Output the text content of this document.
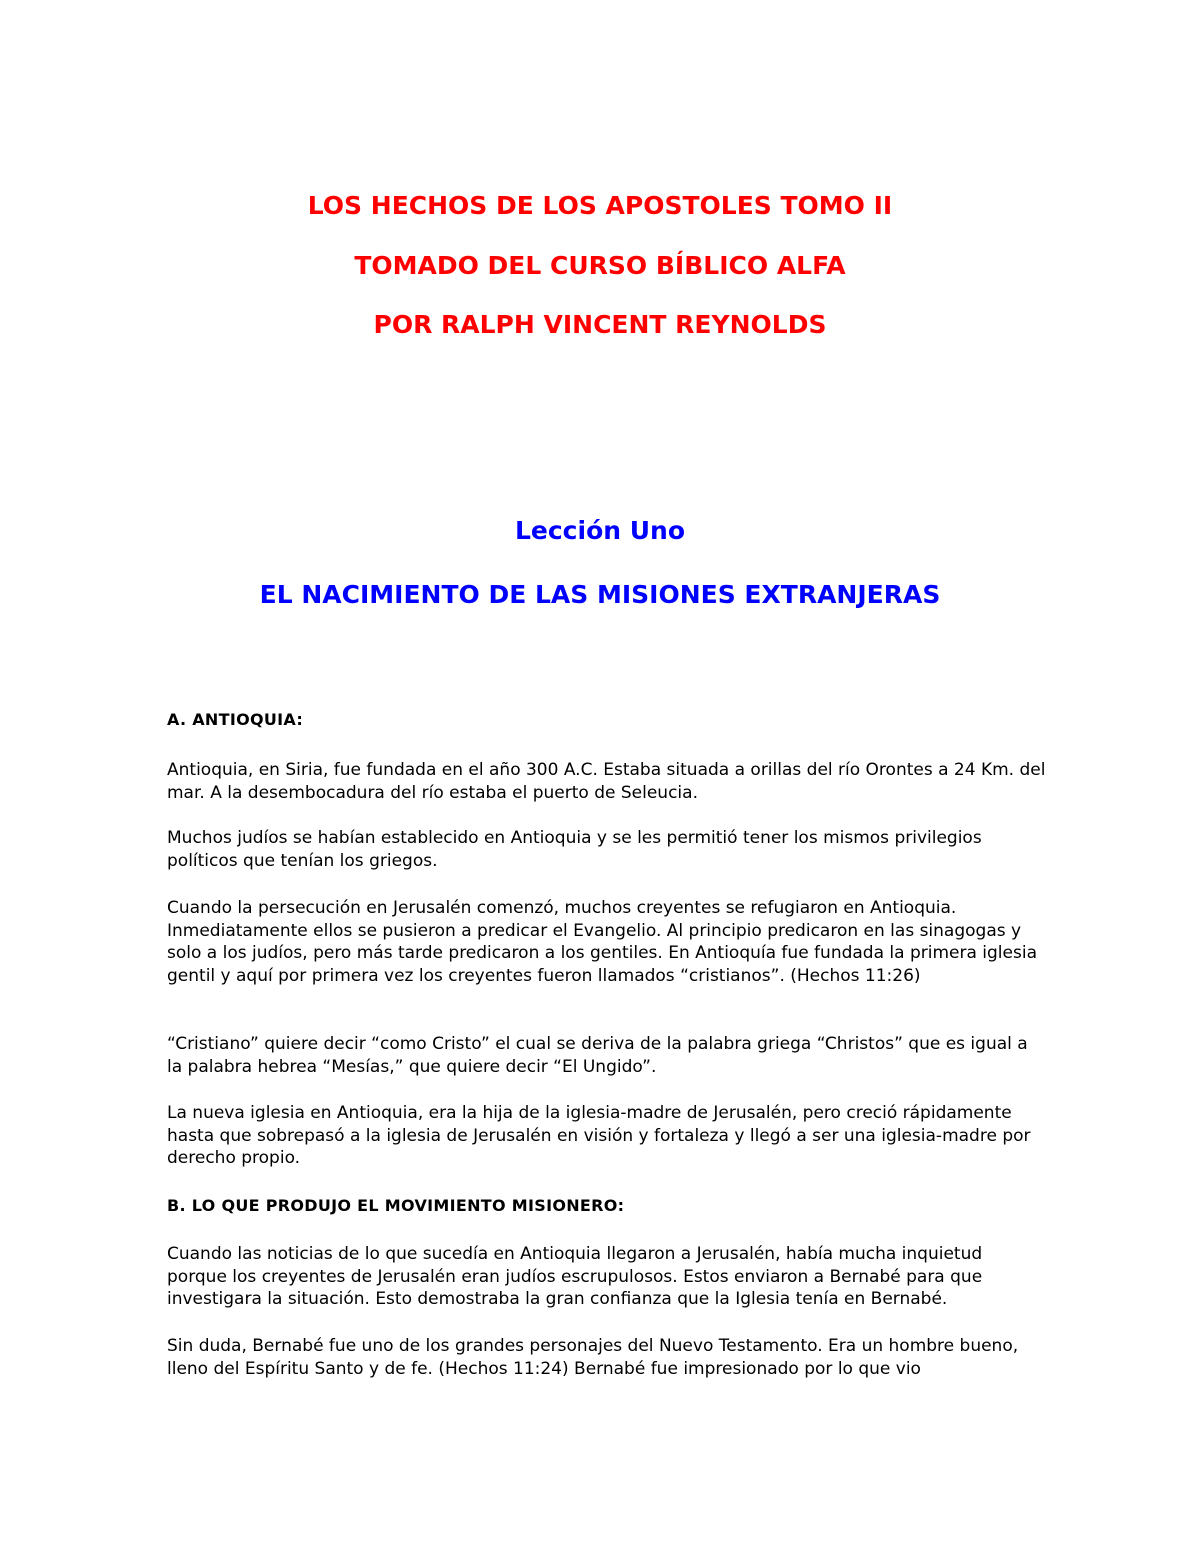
LOS HECHOS DE LOS APOSTOLES TOMO II
TOMADO DEL CURSO BÍBLICO ALFA
POR RALPH VINCENT REYNOLDS
Lección Uno
EL NACIMIENTO DE LAS MISIONES EXTRANJERAS
A. ANTIOQUIA:

Antioquia, en Siria, fue fundada en el año 300 A.C. Estaba situada a orillas del río Orontes a 24 Km. del mar. A la desembocadura del río estaba el puerto de Seleucia.

Muchos judíos se habían establecido en Antioquia y se les permitió tener los mismos privilegios políticos que tenían los griegos.

Cuando la persecución en Jerusalén comenzó, muchos creyentes se refugiaron en Antioquia. Inmediatamente ellos se pusieron a predicar el Evangelio. Al principio predicaron en las sinagogas y solo a los judíos, pero más tarde predicaron a los gentiles. En Antioquía fue fundada la primera iglesia gentil y aquí por primera vez los creyentes fueron llamados “cristianos”. (Hechos 11:26)

“Cristiano” quiere decir “como Cristo” el cual se deriva de la palabra griega “Christos” que es igual a la palabra hebrea “Mesías,” que quiere decir “El Ungido”.

La nueva iglesia en Antioquia, era la hija de la iglesia-madre de Jerusalén, pero creció rápidamente hasta que sobrepasó a la iglesia de Jerusalén en visión y fortaleza y llegó a ser una iglesia-madre por derecho propio.

B. LO QUE PRODUJO EL MOVIMIENTO MISIONERO:

Cuando las noticias de lo que sucedía en Antioquia llegaron a Jerusalén, había mucha inquietud porque los creyentes de Jerusalén eran judíos escrupulosos. Estos enviaron a Bernabé para que investigara la situación. Esto demostraba la gran confianza que la Iglesia tenía en Bernabé.

Sin duda, Bernabé fue uno de los grandes personajes del Nuevo Testamento. Era un hombre bueno, lleno del Espíritu Santo y de fe. (Hechos 11:24) Bernabé fue impresionado por lo que vio
